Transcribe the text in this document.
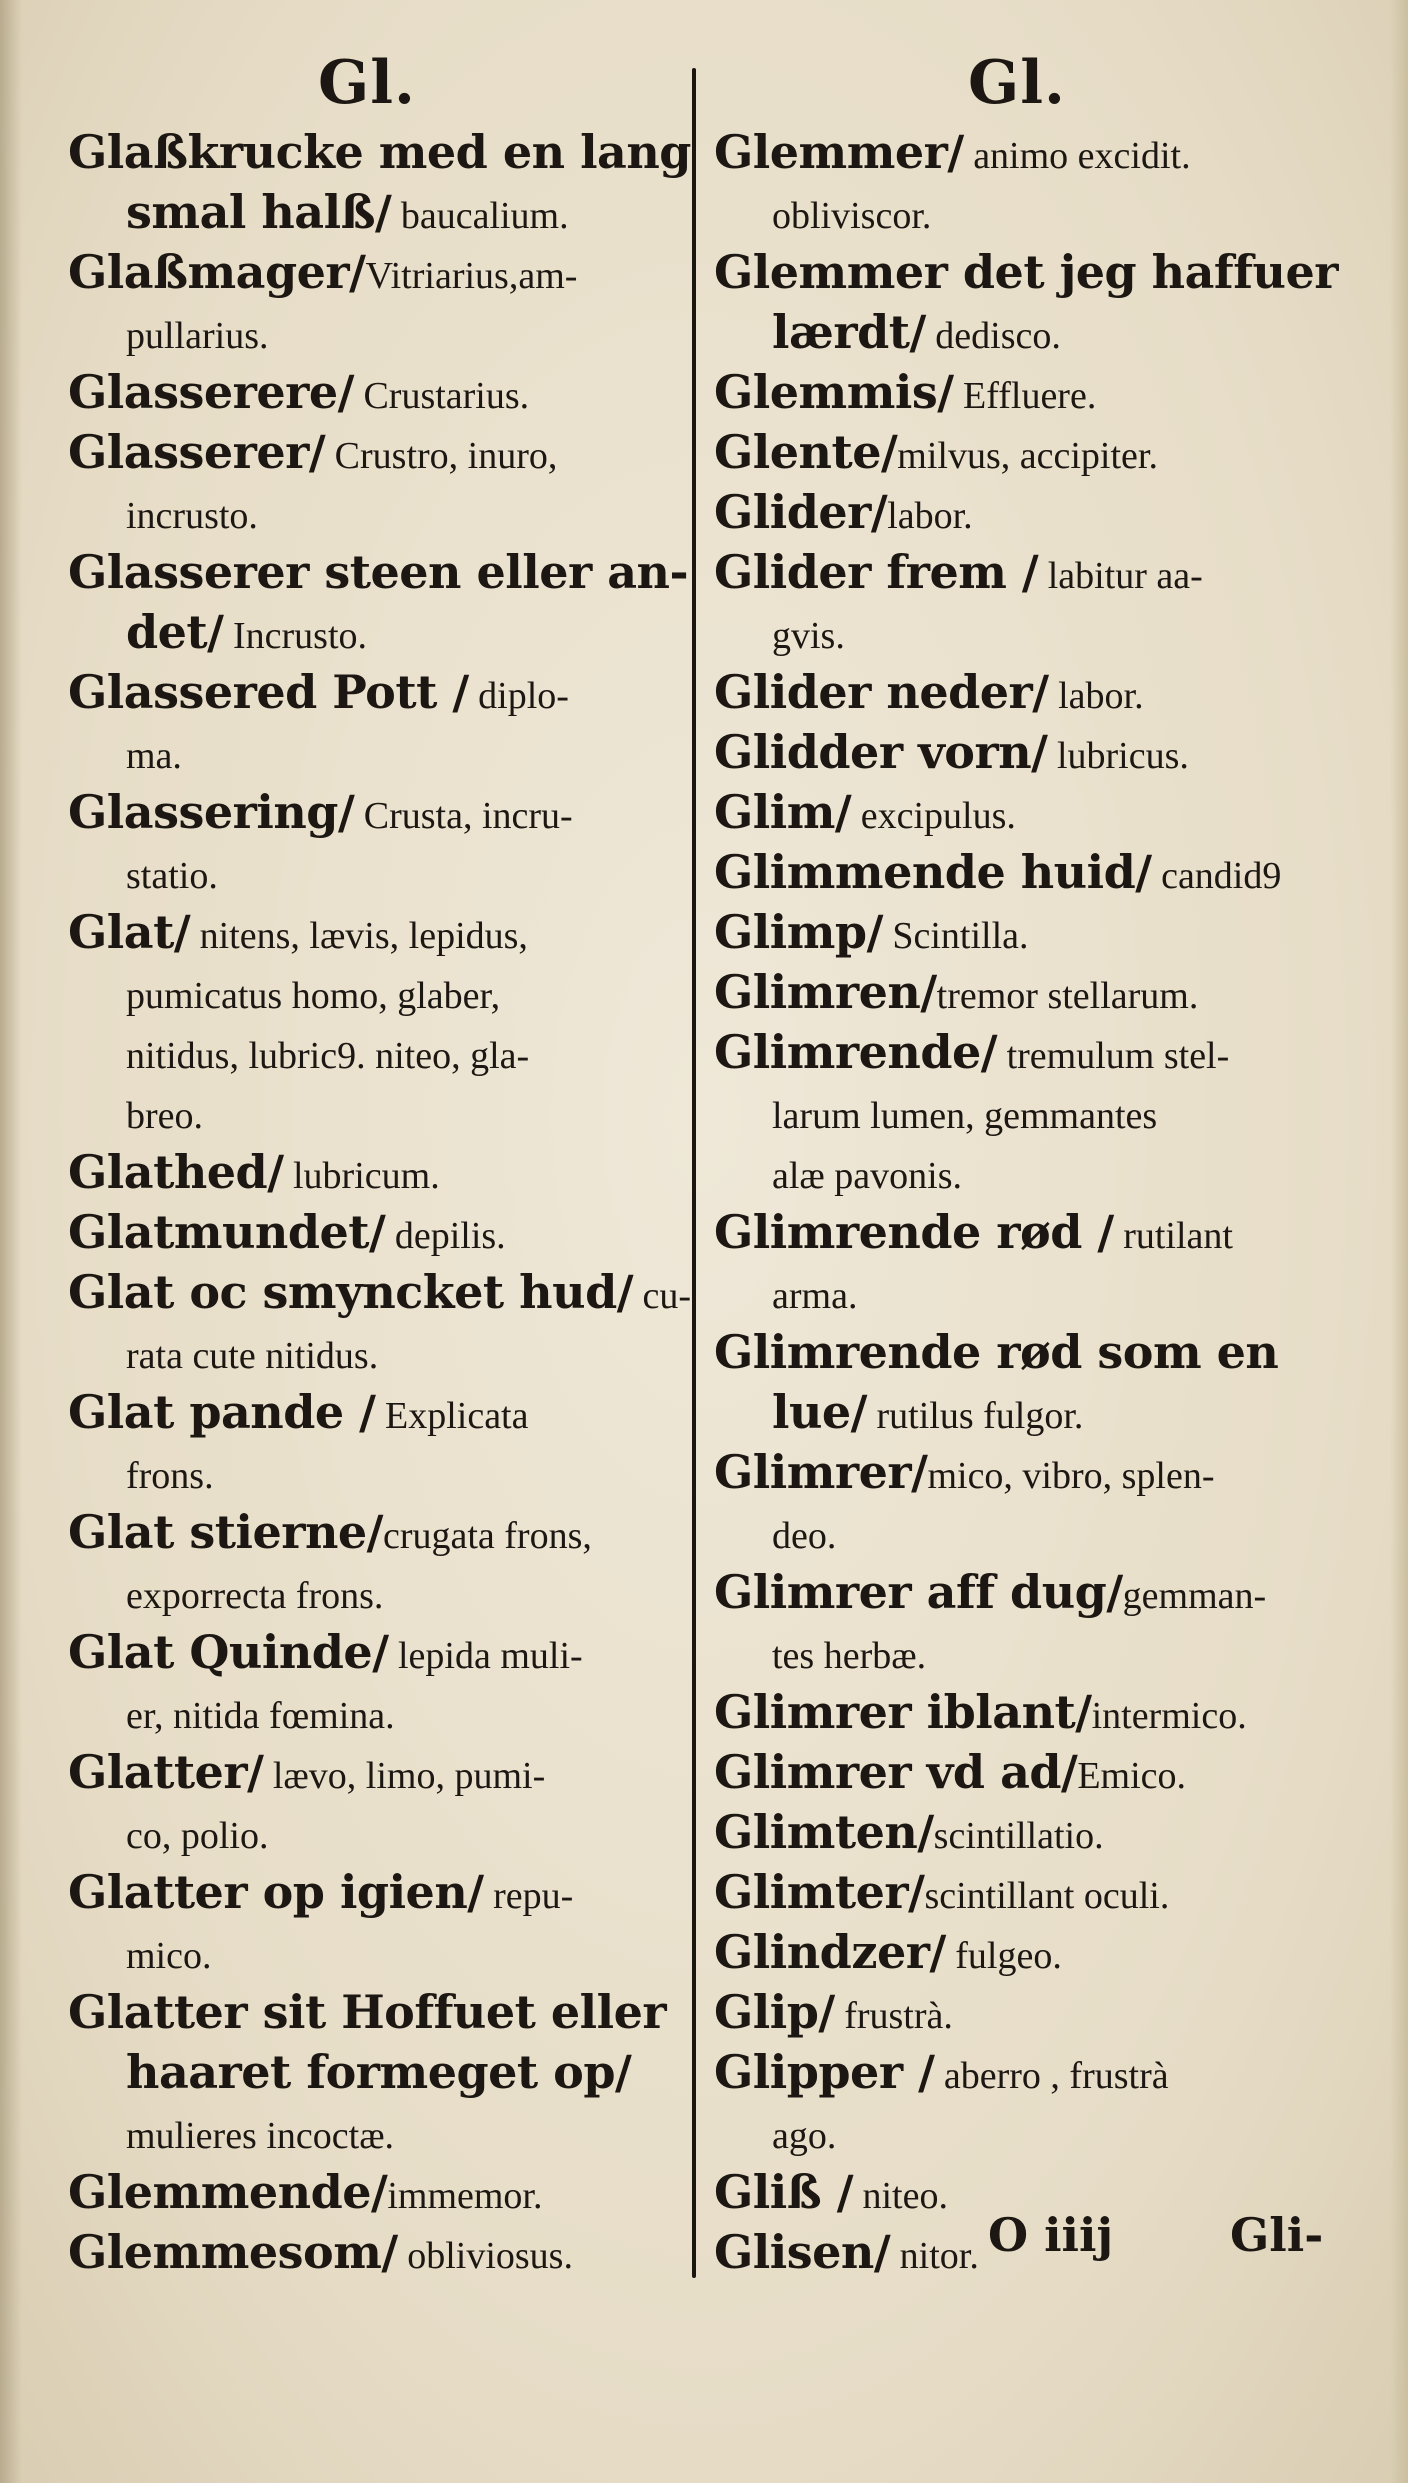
Gl.	Gl.
Glaßkrucke med en lang
smal halß/ baucalium.
Glaßmager/Vitriarius,am-
pullarius.
Glasserere/ Crustarius.
Glasserer/ Crustro, inuro,
incrusto.
Glasserer steen eller an-
det/ Incrusto.
Glassered Pott / diplo-
ma.
Glassering/ Crusta, incru-
statio.
Glat/ nitens, lævis, lepidus,
pumicatus homo, glaber,
nitidus, lubric9. niteo, gla-
breo.
Glathed/ lubricum.
Glatmundet/ depilis.
Glat oc smyncket hud/ cu-
rata cute nitidus.
Glat pande / Explicata
frons.
Glat stierne/crugata frons,
exporrecta frons.
Glat Quinde/ lepida muli-
er, nitida fœmina.
Glatter/ lævo, limo, pumi-
co, polio.
Glatter op igien/ repu-
mico.
Glatter sit Hoffuet eller
haaret formeget op/
mulieres incoctæ.
Glemmende/immemor.
Glemmesom/ obliviosus.
Glemmer/ animo excidit.
obliviscor.
Glemmer det jeg haffuer
lærdt/ dedisco.
Glemmis/ Effluere.
Glente/milvus, accipiter.
Glider/labor.
Glider frem / labitur aa-
gvis.
Glider neder/ labor.
Glidder vorn/ lubricus.
Glim/ excipulus.
Glimmende huid/ candid9
Glimp/ Scintilla.
Glimren/tremor stellarum.
Glimrende/ tremulum stel-
larum lumen, gemmantes
alæ pavonis.
Glimrende rød / rutilant
arma.
Glimrende rød som en
lue/ rutilus fulgor.
Glimrer/mico, vibro, splen-
deo.
Glimrer aff dug/gemman-
tes herbæ.
Glimrer iblant/intermico.
Glimrer vd ad/Emico.
Glimten/scintillatio.
Glimter/scintillant oculi.
Glindzer/ fulgeo.
Glip/ frustrà.
Glipper / aberro , frustrà
ago.
Gliß / niteo.
Glisen/ nitor. O iiij	Gli-
